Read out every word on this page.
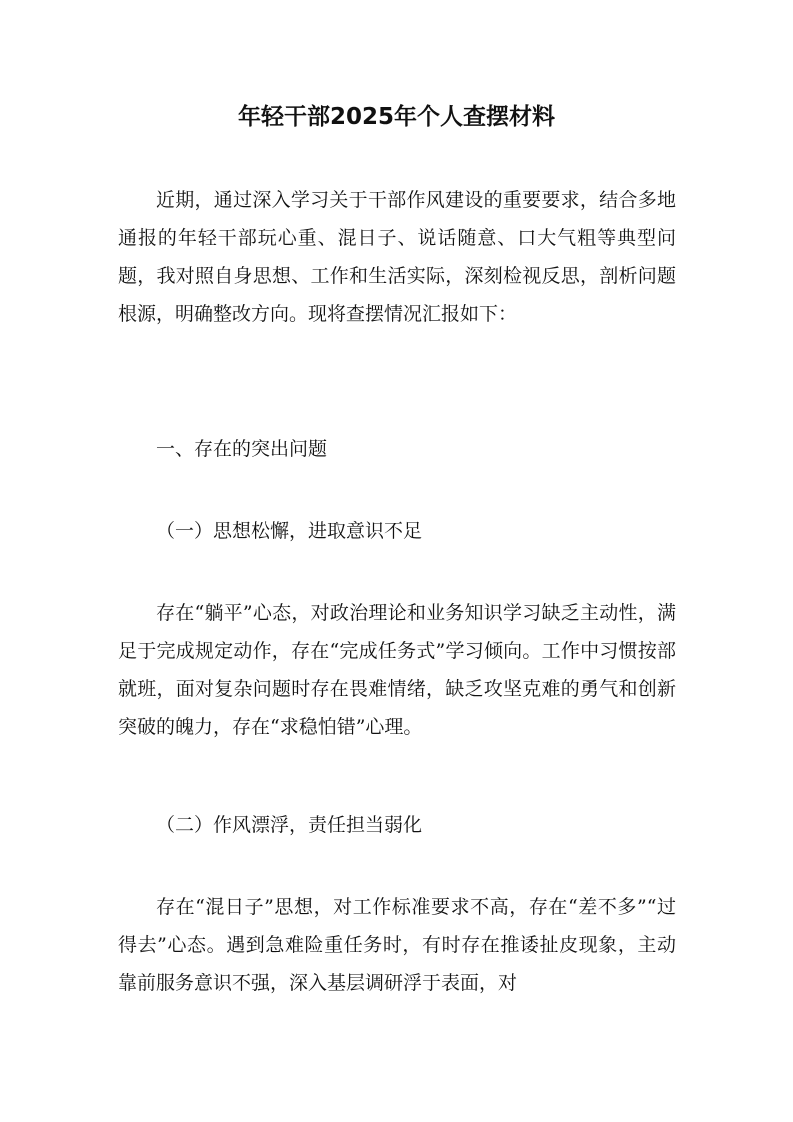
年轻干部2025年个人查摆材料

近期，通过深入学习关于干部作风建设的重要要求，结合多地通报的年轻干部玩心重、混日子、说话随意、口大气粗等典型问题，我对照自身思想、工作和生活实际，深刻检视反思，剖析问题根源，明确整改方向。现将查摆情况汇报如下：

一、存在的突出问题

（一）思想松懈，进取意识不足

存在“躺平”心态，对政治理论和业务知识学习缺乏主动性，满足于完成规定动作，存在“完成任务式”学习倾向。工作中习惯按部就班，面对复杂问题时存在畏难情绪，缺乏攻坚克难的勇气和创新突破的魄力，存在“求稳怕错”心理。

（二）作风漂浮，责任担当弱化

存在“混日子”思想，对工作标准要求不高，存在“差不多”“过得去”心态。遇到急难险重任务时，有时存在推诿扯皮现象，主动靠前服务意识不强，深入基层调研浮于表面，对
